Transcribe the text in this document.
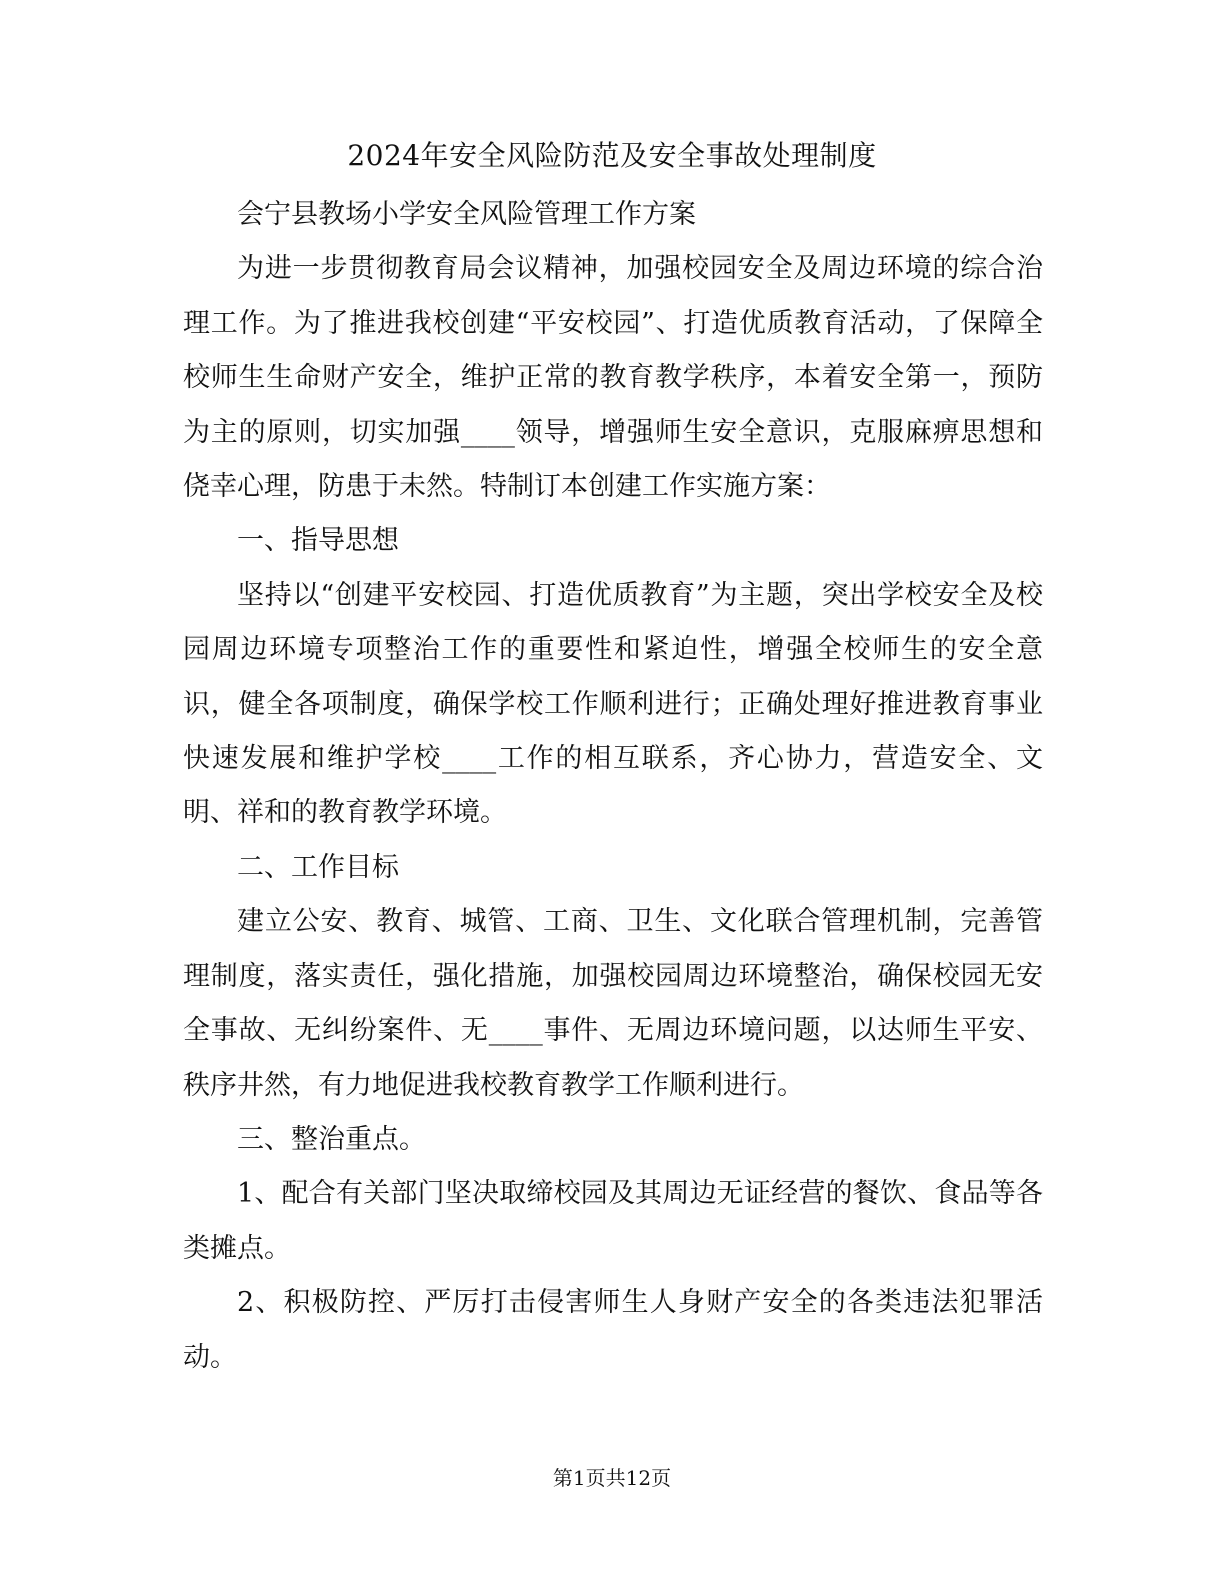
2024年安全风险防范及安全事故处理制度

会宁县教场小学安全风险管理工作方案

为进一步贯彻教育局会议精神，加强校园安全及周边环境的综合治理工作。为了推进我校创建“平安校园”、打造优质教育活动，了保障全校师生生命财产安全，维护正常的教育教学秩序，本着安全第一，预防为主的原则，切实加强____领导，增强师生安全意识，克服麻痹思想和侥幸心理，防患于未然。特制订本创建工作实施方案：

一、指导思想

坚持以“创建平安校园、打造优质教育”为主题，突出学校安全及校园周边环境专项整治工作的重要性和紧迫性，增强全校师生的安全意识，健全各项制度，确保学校工作顺利进行；正确处理好推进教育事业快速发展和维护学校____工作的相互联系，齐心协力，营造安全、文明、祥和的教育教学环境。

二、工作目标

建立公安、教育、城管、工商、卫生、文化联合管理机制，完善管理制度，落实责任，强化措施，加强校园周边环境整治，确保校园无安全事故、无纠纷案件、无____事件、无周边环境问题，以达师生平安、秩序井然，有力地促进我校教育教学工作顺利进行。

三、整治重点。

1、配合有关部门坚决取缔校园及其周边无证经营的餐饮、食品等各类摊点。

2、积极防控、严厉打击侵害师生人身财产安全的各类违法犯罪活动。

第1页共12页
